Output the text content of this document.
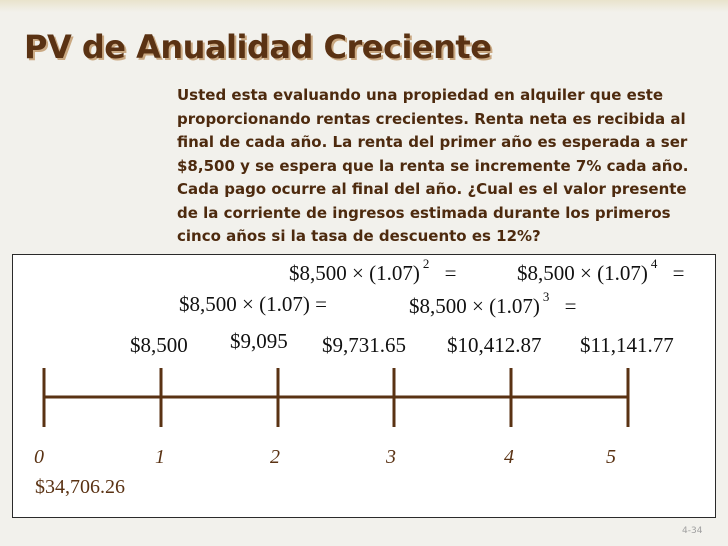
PV de Anualidad Creciente
Usted esta evaluando una propiedad en alquiler que este
proporcionando rentas crecientes. Renta neta es recibida al
final de cada año. La renta del primer año es esperada a ser
$8,500 y se espera que la renta se incremente 7% cada año.
Cada pago ocurre al final del año. ¿Cual es el valor presente
de la corriente de ingresos estimada durante los primeros
cinco años si la tasa de descuento es 12%?
$8,500 × (1.07) =
$8,500 × (1.07) $^2$ =
$8,500 × (1.07) $^3$ =
$8,500 × (1.07) $^4$ =
$8,500 $9,095 $9,731.65 $10,412.87 $11,141.77
0	1	2	3	4	5
$34,706.26
4-34
